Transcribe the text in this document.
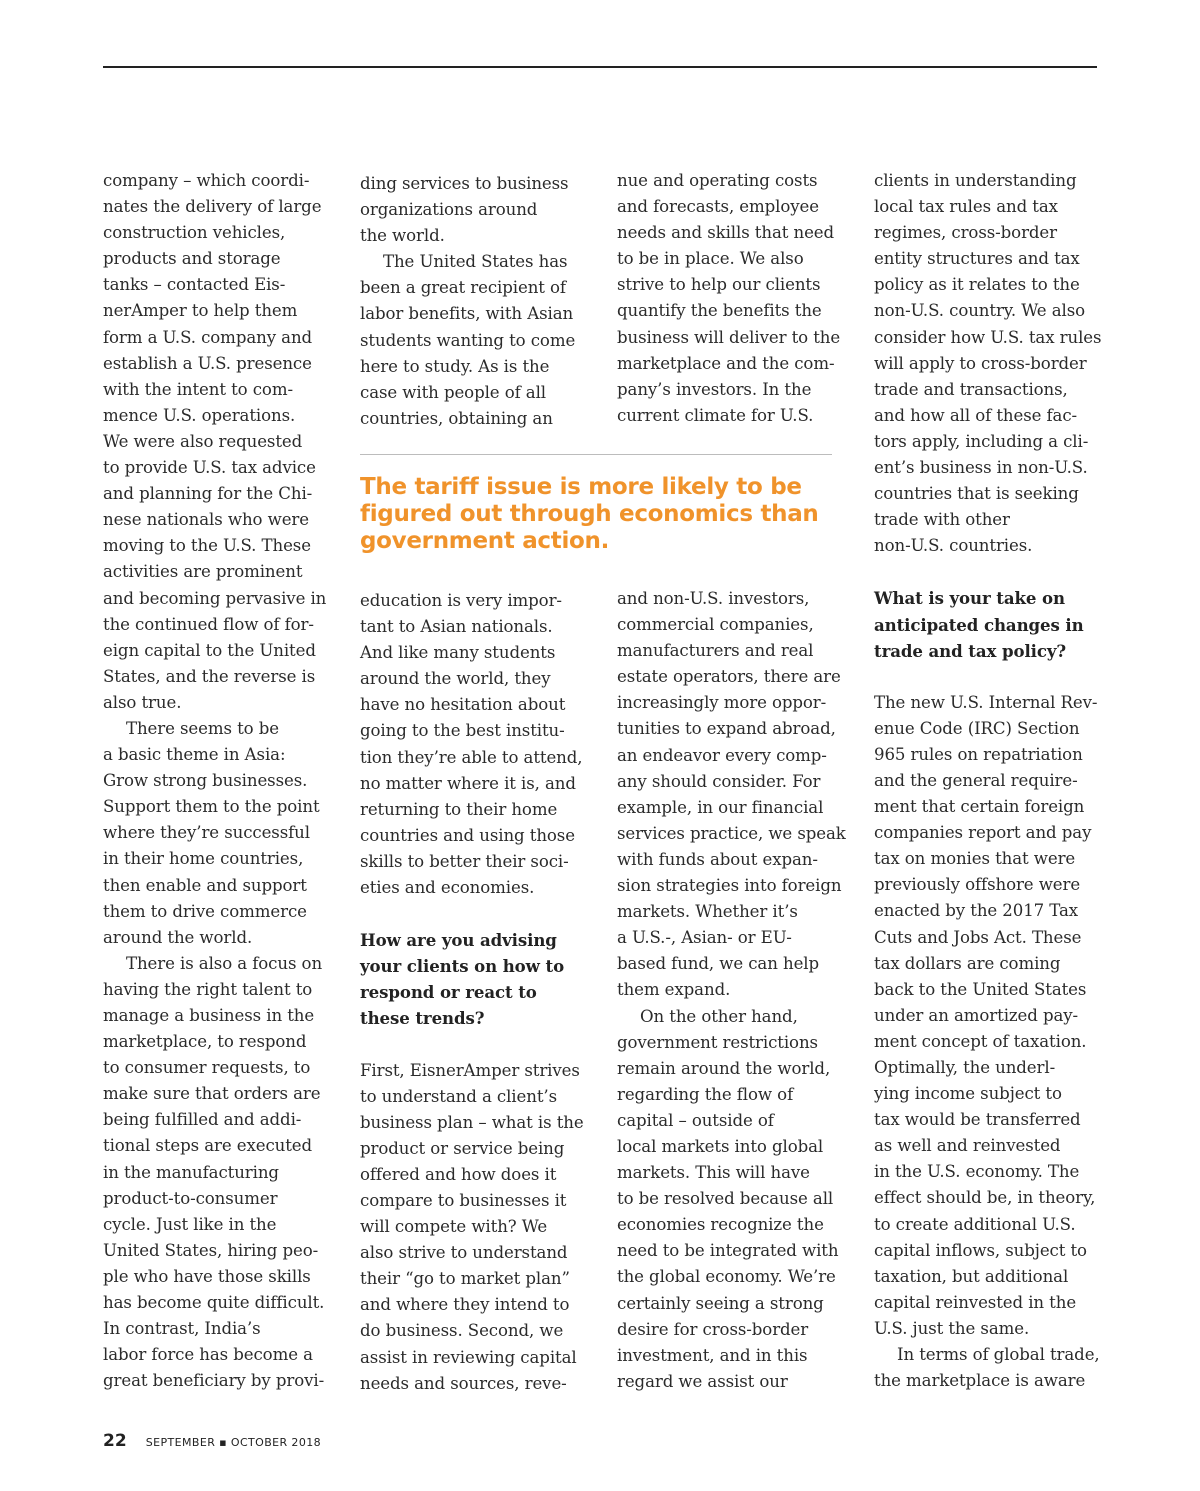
company – which coordi-
nates the delivery of large
construction vehicles,
products and storage
tanks – contacted Eis-
nerAmper to help them
form a U.S. company and
establish a U.S. presence
with the intent to com-
mence U.S. operations.
We were also requested
to provide U.S. tax advice
and planning for the Chi-
nese nationals who were
moving to the U.S. These
activities are prominent
and becoming pervasive in
the continued flow of for-
eign capital to the United
States, and the reverse is
also true.
There seems to be
a basic theme in Asia:
Grow strong businesses.
Support them to the point
where they’re successful
in their home countries,
then enable and support
them to drive commerce
around the world.
There is also a focus on
having the right talent to
manage a business in the
marketplace, to respond
to consumer requests, to
make sure that orders are
being fulfilled and addi-
tional steps are executed
in the manufacturing
product-to-consumer
cycle. Just like in the
United States, hiring peo-
ple who have those skills
has become quite difficult.
In contrast, India’s
labor force has become a
great beneficiary by provi-
ding services to business
organizations around
the world.
The United States has
been a great recipient of
labor benefits, with Asian
students wanting to come
here to study. As is the
case with people of all
countries, obtaining an
nue and operating costs
and forecasts, employee
needs and skills that need
to be in place. We also
strive to help our clients
quantify the benefits the
business will deliver to the
marketplace and the com-
pany’s investors. In the
current climate for U.S.
The tariff issue is more likely to be
figured out through economics than
government action.
education is very impor-
tant to Asian nationals.
And like many students
around the world, they
have no hesitation about
going to the best institu-
tion they’re able to attend,
no matter where it is, and
returning to their home
countries and using those
skills to better their soci-
eties and economies.
How are you advising
your clients on how to
respond or react to
these trends?
First, EisnerAmper strives
to understand a client’s
business plan – what is the
product or service being
offered and how does it
compare to businesses it
will compete with? We
also strive to understand
their “go to market plan”
and where they intend to
do business. Second, we
assist in reviewing capital
needs and sources, reve-
and non-U.S. investors,
commercial companies,
manufacturers and real
estate operators, there are
increasingly more oppor-
tunities to expand abroad,
an endeavor every comp-
any should consider. For
example, in our financial
services practice, we speak
with funds about expan-
sion strategies into foreign
markets. Whether it’s
a U.S.-, Asian- or EU-
based fund, we can help
them expand.
On the other hand,
government restrictions
remain around the world,
regarding the flow of
capital – outside of
local markets into global
markets. This will have
to be resolved because all
economies recognize the
need to be integrated with
the global economy. We’re
certainly seeing a strong
desire for cross-border
investment, and in this
regard we assist our
clients in understanding
local tax rules and tax
regimes, cross-border
entity structures and tax
policy as it relates to the
non-U.S. country. We also
consider how U.S. tax rules
will apply to cross-border
trade and transactions,
and how all of these fac-
tors apply, including a cli-
ent’s business in non-U.S.
countries that is seeking
trade with other
non-U.S. countries.
What is your take on
anticipated changes in
trade and tax policy?
The new U.S. Internal Rev-
enue Code (IRC) Section
965 rules on repatriation
and the general require-
ment that certain foreign
companies report and pay
tax on monies that were
previously offshore were
enacted by the 2017 Tax
Cuts and Jobs Act. These
tax dollars are coming
back to the United States
under an amortized pay-
ment concept of taxation.
Optimally, the underl-
ying income subject to
tax would be transferred
as well and reinvested
in the U.S. economy. The
effect should be, in theory,
to create additional U.S.
capital inflows, subject to
taxation, but additional
capital reinvested in the
U.S. just the same.
In terms of global trade,
the marketplace is aware
22 SEPTEMBER ▪ OCTOBER 2018
